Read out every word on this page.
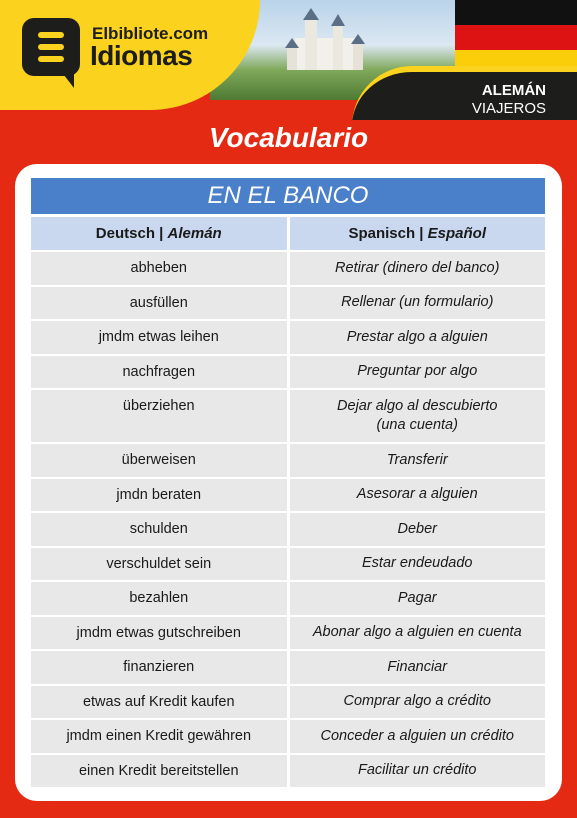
Elbibliote.com
Idiomas
ALEMÁN
VIAJEROS
Vocabulario
EN EL BANCO
Deutsch | Alemán	Spanisch | Español
abheben	Retirar (dinero del banco)
ausfüllen	Rellenar (un formulario)
jmdm etwas leihen	Prestar algo a alguien
nachfragen	Preguntar por algo
überziehen	Dejar algo al descubierto
(una cuenta)
überweisen	Transferir
jmdn beraten	Asesorar a alguien
schulden	Deber
verschuldet sein	Estar endeudado
bezahlen	Pagar
jmdm etwas gutschreiben	Abonar algo a alguien en cuenta
finanzieren	Financiar
etwas auf Kredit kaufen	Comprar algo a crédito
jmdm einen Kredit gewähren	Conceder a alguien un crédito
einen Kredit bereitstellen	Facilitar un crédito
